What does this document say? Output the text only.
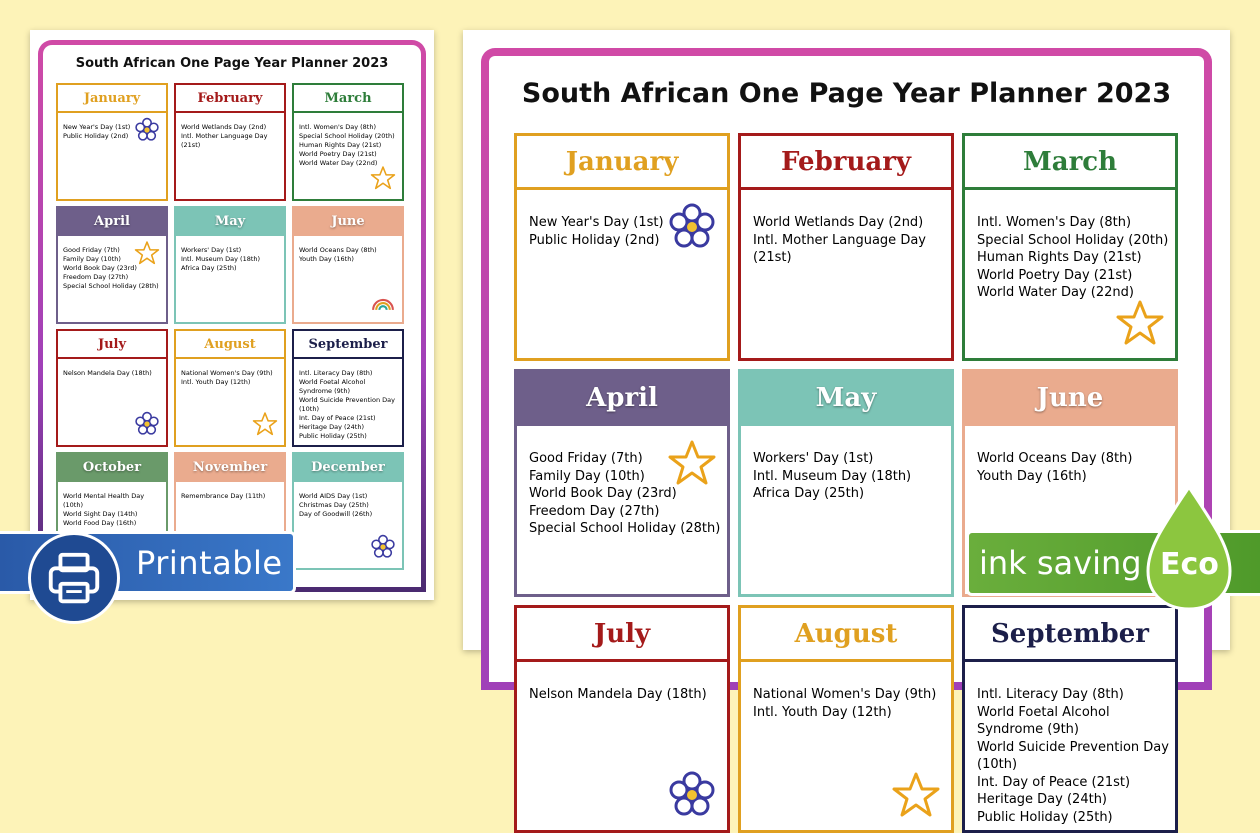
South African One Page Year Planner 2023
January
New Year's Day (1st)
Public Holiday (2nd)
February
World Wetlands Day (2nd)
Intl. Mother Language Day (21st)
March
Intl. Women's Day (8th)
Special School Holiday (20th)
Human Rights Day (21st)
World Poetry Day (21st)
World Water Day (22nd)
April
Good Friday (7th)
Family Day (10th)
World Book Day (23rd)
Freedom Day (27th)
Special School Holiday (28th)
May
Workers' Day (1st)
Intl. Museum Day (18th)
Africa Day (25th)
June
World Oceans Day (8th)
Youth Day (16th)
July
Nelson Mandela Day (18th)
August
National Women's Day (9th)
Intl. Youth Day (12th)
September
Intl. Literacy Day (8th)
World Foetal Alcohol Syndrome (9th)
World Suicide Prevention Day (10th)
Int. Day of Peace (21st)
Heritage Day (24th)
Public Holiday (25th)
October
World Mental Health Day (10th)
World Sight Day (14th)
World Food Day (16th)
November
Remembrance Day (11th)
December
World AIDS Day (1st)
Christmas Day (25th)
Day of Goodwill (26th)
South African One Page Year Planner 2023
January
New Year's Day (1st)
Public Holiday (2nd)
February
World Wetlands Day (2nd)
Intl. Mother Language Day (21st)
March
Intl. Women's Day (8th)
Special School Holiday (20th)
Human Rights Day (21st)
World Poetry Day (21st)
World Water Day (22nd)
April
Good Friday (7th)
Family Day (10th)
World Book Day (23rd)
Freedom Day (27th)
Special School Holiday (28th)
May
Workers' Day (1st)
Intl. Museum Day (18th)
Africa Day (25th)
June
World Oceans Day (8th)
Youth Day (16th)
July
Nelson Mandela Day (18th)
August
National Women's Day (9th)
Intl. Youth Day (12th)
September
Intl. Literacy Day (8th)
World Foetal Alcohol Syndrome (9th)
World Suicide Prevention Day (10th)
Int. Day of Peace (21st)
Heritage Day (24th)
Public Holiday (25th)
Printable	ink saving Eco
